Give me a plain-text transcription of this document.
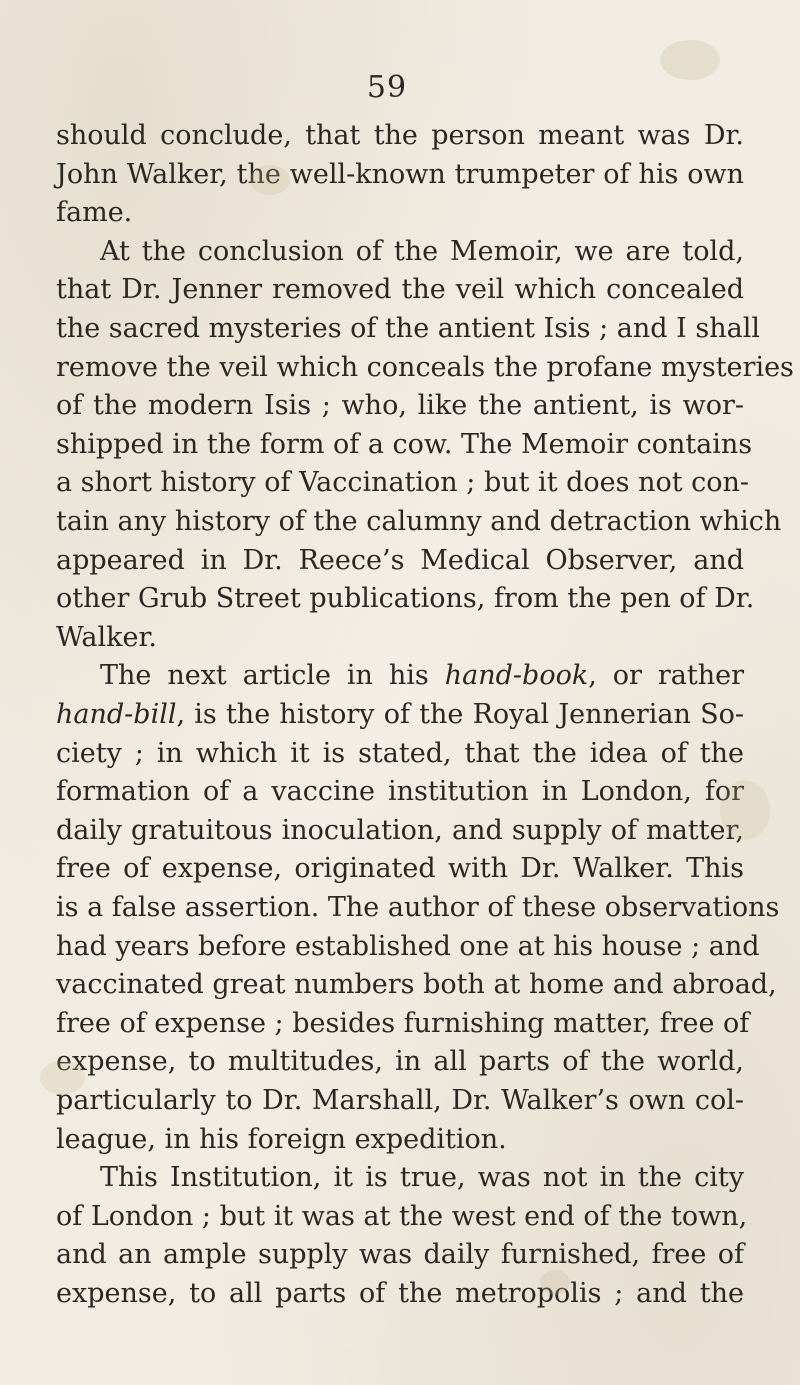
59
should conclude, that the person meant was Dr.
John Walker, the well-known trumpeter of his own
fame.
At the conclusion of the Memoir, we are told,
that Dr. Jenner removed the veil which concealed
the sacred mysteries of the antient Isis ; and I shall
remove the veil which conceals the profane mysteries
of the modern Isis ; who, like the antient, is wor-
shipped in the form of a cow. The Memoir contains
a short history of Vaccination ; but it does not con-
tain any history of the calumny and detraction which
appeared in Dr. Reece’s Medical Observer, and
other Grub Street publications, from the pen of Dr.
Walker.
The next article in his hand-book, or rather
hand-bill, is the history of the Royal Jennerian So-
ciety ; in which it is stated, that the idea of the
formation of a vaccine institution in London, for
daily gratuitous inoculation, and supply of matter,
free of expense, originated with Dr. Walker. This
is a false assertion. The author of these observations
had years before established one at his house ; and
vaccinated great numbers both at home and abroad,
free of expense ; besides furnishing matter, free of
expense, to multitudes, in all parts of the world,
particularly to Dr. Marshall, Dr. Walker’s own col-
league, in his foreign expedition.
This Institution, it is true, was not in the city
of London ; but it was at the west end of the town,
and an ample supply was daily furnished, free of
expense, to all parts of the metropolis ; and the
